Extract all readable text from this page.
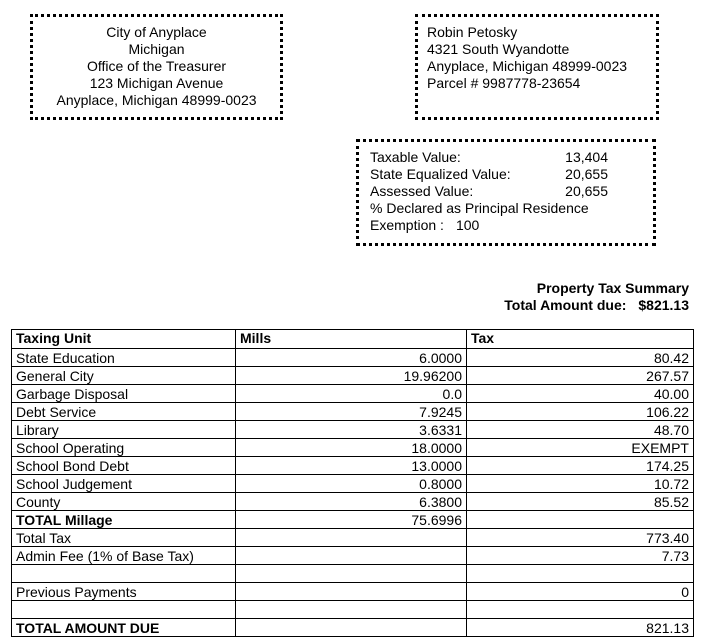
City of Anyplace
Michigan
Office of the Treasurer
123 Michigan Avenue
Anyplace, Michigan 48999-0023
Robin Petosky
4321 South Wyandotte
Anyplace, Michigan 48999-0023
Parcel # 9987778-23654
Taxable Value:	13,404
State Equalized Value:	20,655
Assessed Value:	20,655
% Declared as Principal Residence
Exemption : 100
Property Tax Summary
Total Amount due: $821.13
Taxing Unit	Mills	Tax
State Education	6.0000	80.42
General City	19.96200	267.57
Garbage Disposal	0.0	40.00
Debt Service	7.9245	106.22
Library	3.6331	48.70
School Operating	18.0000	EXEMPT
School Bond Debt	13.0000	174.25
School Judgement	0.8000	10.72
County	6.3800	85.52
TOTAL Millage	75.6996	
Total Tax		773.40
Admin Fee (1% of Base Tax)		7.73

Previous Payments		0

TOTAL AMOUNT DUE		821.13
